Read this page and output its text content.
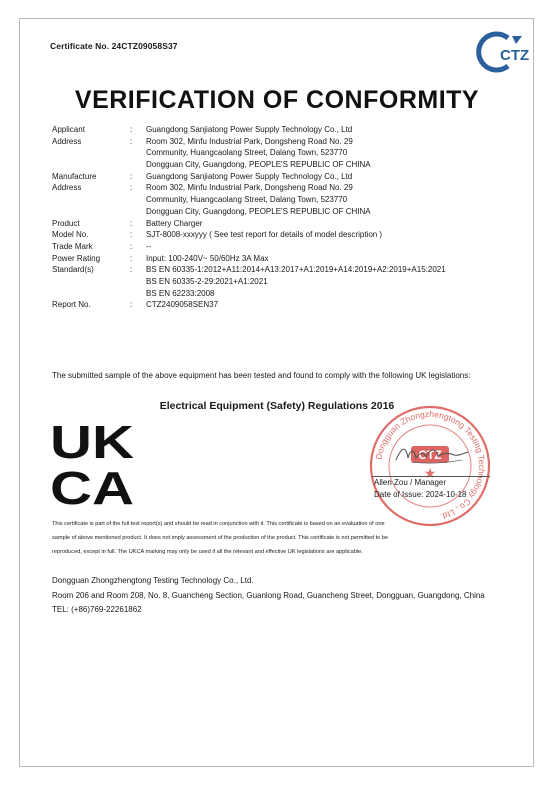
Certificate No. 24CTZ09058S37
CTZ
VERIFICATION OF CONFORMITY
Applicant	: Guangdong Sanjiatong Power Supply Technology Co., Ltd
Address	: Room 302, Minfu Industrial Park, Dongsheng Road No. 29
Community, Huangcaolang Street, Dalang Town, 523770
Dongguan City, Guangdong, PEOPLE'S REPUBLIC OF CHINA
Manufacture	: Guangdong Sanjiatong Power Supply Technology Co., Ltd
Address	: Room 302, Minfu Industrial Park, Dongsheng Road No. 29
Community, Huangcaolang Street, Dalang Town, 523770
Dongguan City, Guangdong, PEOPLE'S REPUBLIC OF CHINA
Product	: Battery Charger
Model No.	: SJT-8008-xxxyyy ( See test report for details of model description )
Trade Mark	: --
Power Rating	: Input: 100-240V~ 50/60Hz 3A Max
Standard(s)	: BS EN 60335-1:2012+A11:2014+A13:2017+A1:2019+A14:2019+A2:2019+A15:2021
BS EN 60335-2-29:2021+A1:2021
BS EN 62233:2008
Report No.	: CTZ2409058SEN37
The submitted sample of the above equipment has been tested and found to comply with the following UK legislations:
Electrical Equipment (Safety) Regulations 2016
UK
CA
Dongguan Zhongzhengtong Testing Technology Co., Ltd.
CTZ
★
Allen Zou / Manager
Date of Issue: 2024-10-18
This certificate is part of the full test report(s) and should be read in conjunction with it. This certificate is based on an evaluation of one
sample of above mentioned product. It does not imply assessment of the production of the product. This certificate is not permitted to be
reproduced, except in full. The UKCA marking may only be used if all the relevant and effective UK legislations are applicable.
Dongguan Zhongzhengtong Testing Technology Co., Ltd.
Room 206 and Room 208, No. 8, Guancheng Section, Guanlong Road, Guancheng Street, Dongguan, Guangdong, China
TEL: (+86)769-22261862
